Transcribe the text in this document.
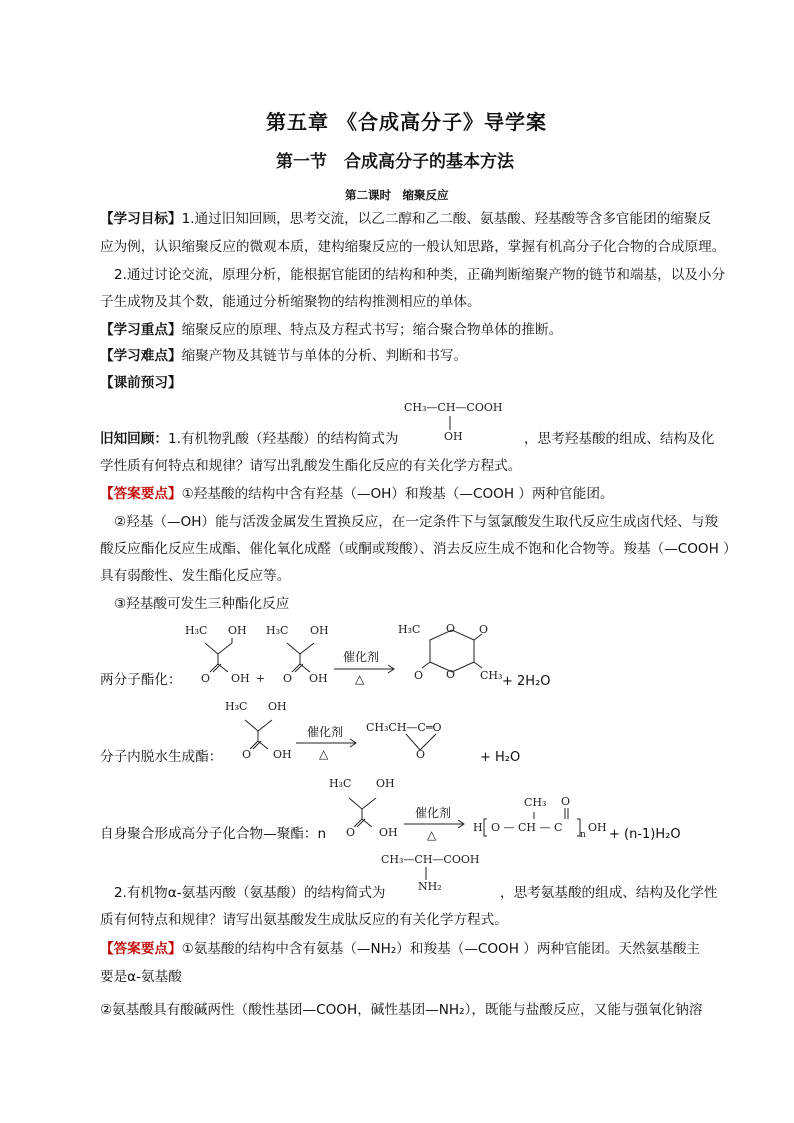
第五章 《合成高分子》导学案
第一节　合成高分子的基本方法
第二课时　缩聚反应
【学习目标】1.通过旧知回顾，思考交流，以乙二醇和乙二酸、氨基酸、羟基酸等含多官能团的缩聚反
应为例，认识缩聚反应的微观本质，建构缩聚反应的一般认知思路，掌握有机高分子化合物的合成原理。
2.通过讨论交流，原理分析，能根据官能团的结构和种类，正确判断缩聚产物的链节和端基，以及小分
子生成物及其个数，能通过分析缩聚物的结构推测相应的单体。
【学习重点】缩聚反应的原理、特点及方程式书写；缩合聚合物单体的推断。
【学习难点】缩聚产物及其链节与单体的分析、判断和书写。
【课前预习】
CH₃—CH—COOH
OH
旧知回顾：1.有机物乳酸（羟基酸）的结构简式为	，思考羟基酸的组成、结构及化
学性质有何特点和规律？请写出乳酸发生酯化反应的有关化学方程式。
【答案要点】①羟基酸的结构中含有羟基（—OH）和羧基（—COOH ）两种官能团。
②羟基（—OH）能与活泼金属发生置换反应，在一定条件下与氢氯酸发生取代反应生成卤代烃、与羧
酸反应酯化反应生成酯、催化氧化成醛（或酮或羧酸）、消去反应生成不饱和化合物等。羧基（—COOH ）
具有弱酸性、发生酯化反应等。
③羟基酸可发生三种酯化反应
H₃C OH
O OH +
H₃C OH
O OH
催化剂
△
H₃C O O
O O CH₃ + 2H₂O
两分子酯化：
H₃C OH
O OH
催化剂
△
CH₃CH—C═O
O	+ H₂O
分子内脱水生成酯：
H₃C OH
O OH
催化剂
△
H O — CH — C
CH₃ O
n
OH + (n-1)H₂O
自身聚合形成高分子化合物—聚酯：n
CH₃—CH—COOH
NH₂
2.有机物α-氨基丙酸（氨基酸）的结构简式为	，思考氨基酸的组成、结构及化学性
质有何特点和规律？请写出氨基酸发生成肽反应的有关化学方程式。
【答案要点】①氨基酸的结构中含有氨基（—NH₂）和羧基（—COOH ）两种官能团。天然氨基酸主
要是α-氨基酸
②氨基酸具有酸碱两性（酸性基团—COOH，碱性基团—NH₂），既能与盐酸反应，又能与强氧化钠溶
